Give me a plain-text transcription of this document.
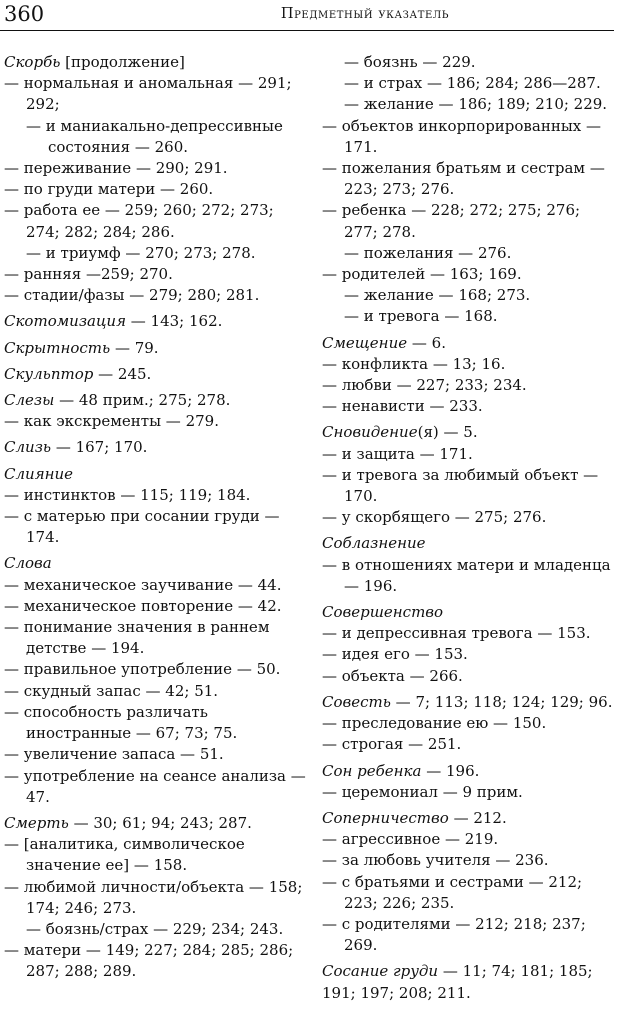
360	Предметный указатель
Скорбь [продолжение]
— нормальная и аномальная — 291; 292;
— и маниакально-депрессивные состояния — 260.
— переживание — 290; 291.
— по груди матери — 260.
— работа ее — 259; 260; 272; 273; 274; 282; 284; 286.
— и триумф — 270; 273; 278.
— ранняя —259; 270.
— стадии/фазы — 279; 280; 281.
Скотомизация — 143; 162.
Скрытность — 79.
Скульптор — 245.
Слезы — 48 прим.; 275; 278.
— как экскременты — 279.
Слизь — 167; 170.
Слияние
— инстинктов — 115; 119; 184.
— с матерью при сосании груди — 174.
Слова
— механическое заучивание — 44.
— механическое повторение — 42.
— понимание значения в раннем детстве — 194.
— правильное употребление — 50.
— скудный запас — 42; 51.
— способность различать иностранные — 67; 73; 75.
— увеличение запаса — 51.
— употребление на сеансе анализа — 47.
Смерть — 30; 61; 94; 243; 287.
— [аналитика, символическое значение ее] — 158.
— любимой личности/объекта — 158; 174; 246; 273.
— боязнь/страх — 229; 234; 243.
— матери — 149; 227; 284; 285; 286; 287; 288; 289.
— боязнь — 229.
— и страх — 186; 284; 286—287.
— желание — 186; 189; 210; 229.
— объектов инкорпорированных — 171.
— пожелания братьям и сестрам — 223; 273; 276.
— ребенка — 228; 272; 275; 276; 277; 278.
— пожелания — 276.
— родителей — 163; 169.
— желание — 168; 273.
— и тревога — 168.
Смещение — 6.
— конфликта — 13; 16.
— любви — 227; 233; 234.
— ненависти — 233.
Сновидение(я) — 5.
— и защита — 171.
— и тревога за любимый объект — 170.
— у скорбящего — 275; 276.
Соблазнение
— в отношениях матери и младенца — 196.
Совершенство
— и депрессивная тревога — 153.
— идея его — 153.
— объекта — 266.
Совесть — 7; 113; 118; 124; 129; 96.
— преследование ею — 150.
— строгая — 251.
Сон ребенка — 196.
— церемониал — 9 прим.
Соперничество — 212.
— агрессивное — 219.
— за любовь учителя — 236.
— с братьями и сестрами — 212; 223; 226; 235.
— с родителями — 212; 218; 237; 269.
Сосание груди — 11; 74; 181; 185; 191; 197; 208; 211.
